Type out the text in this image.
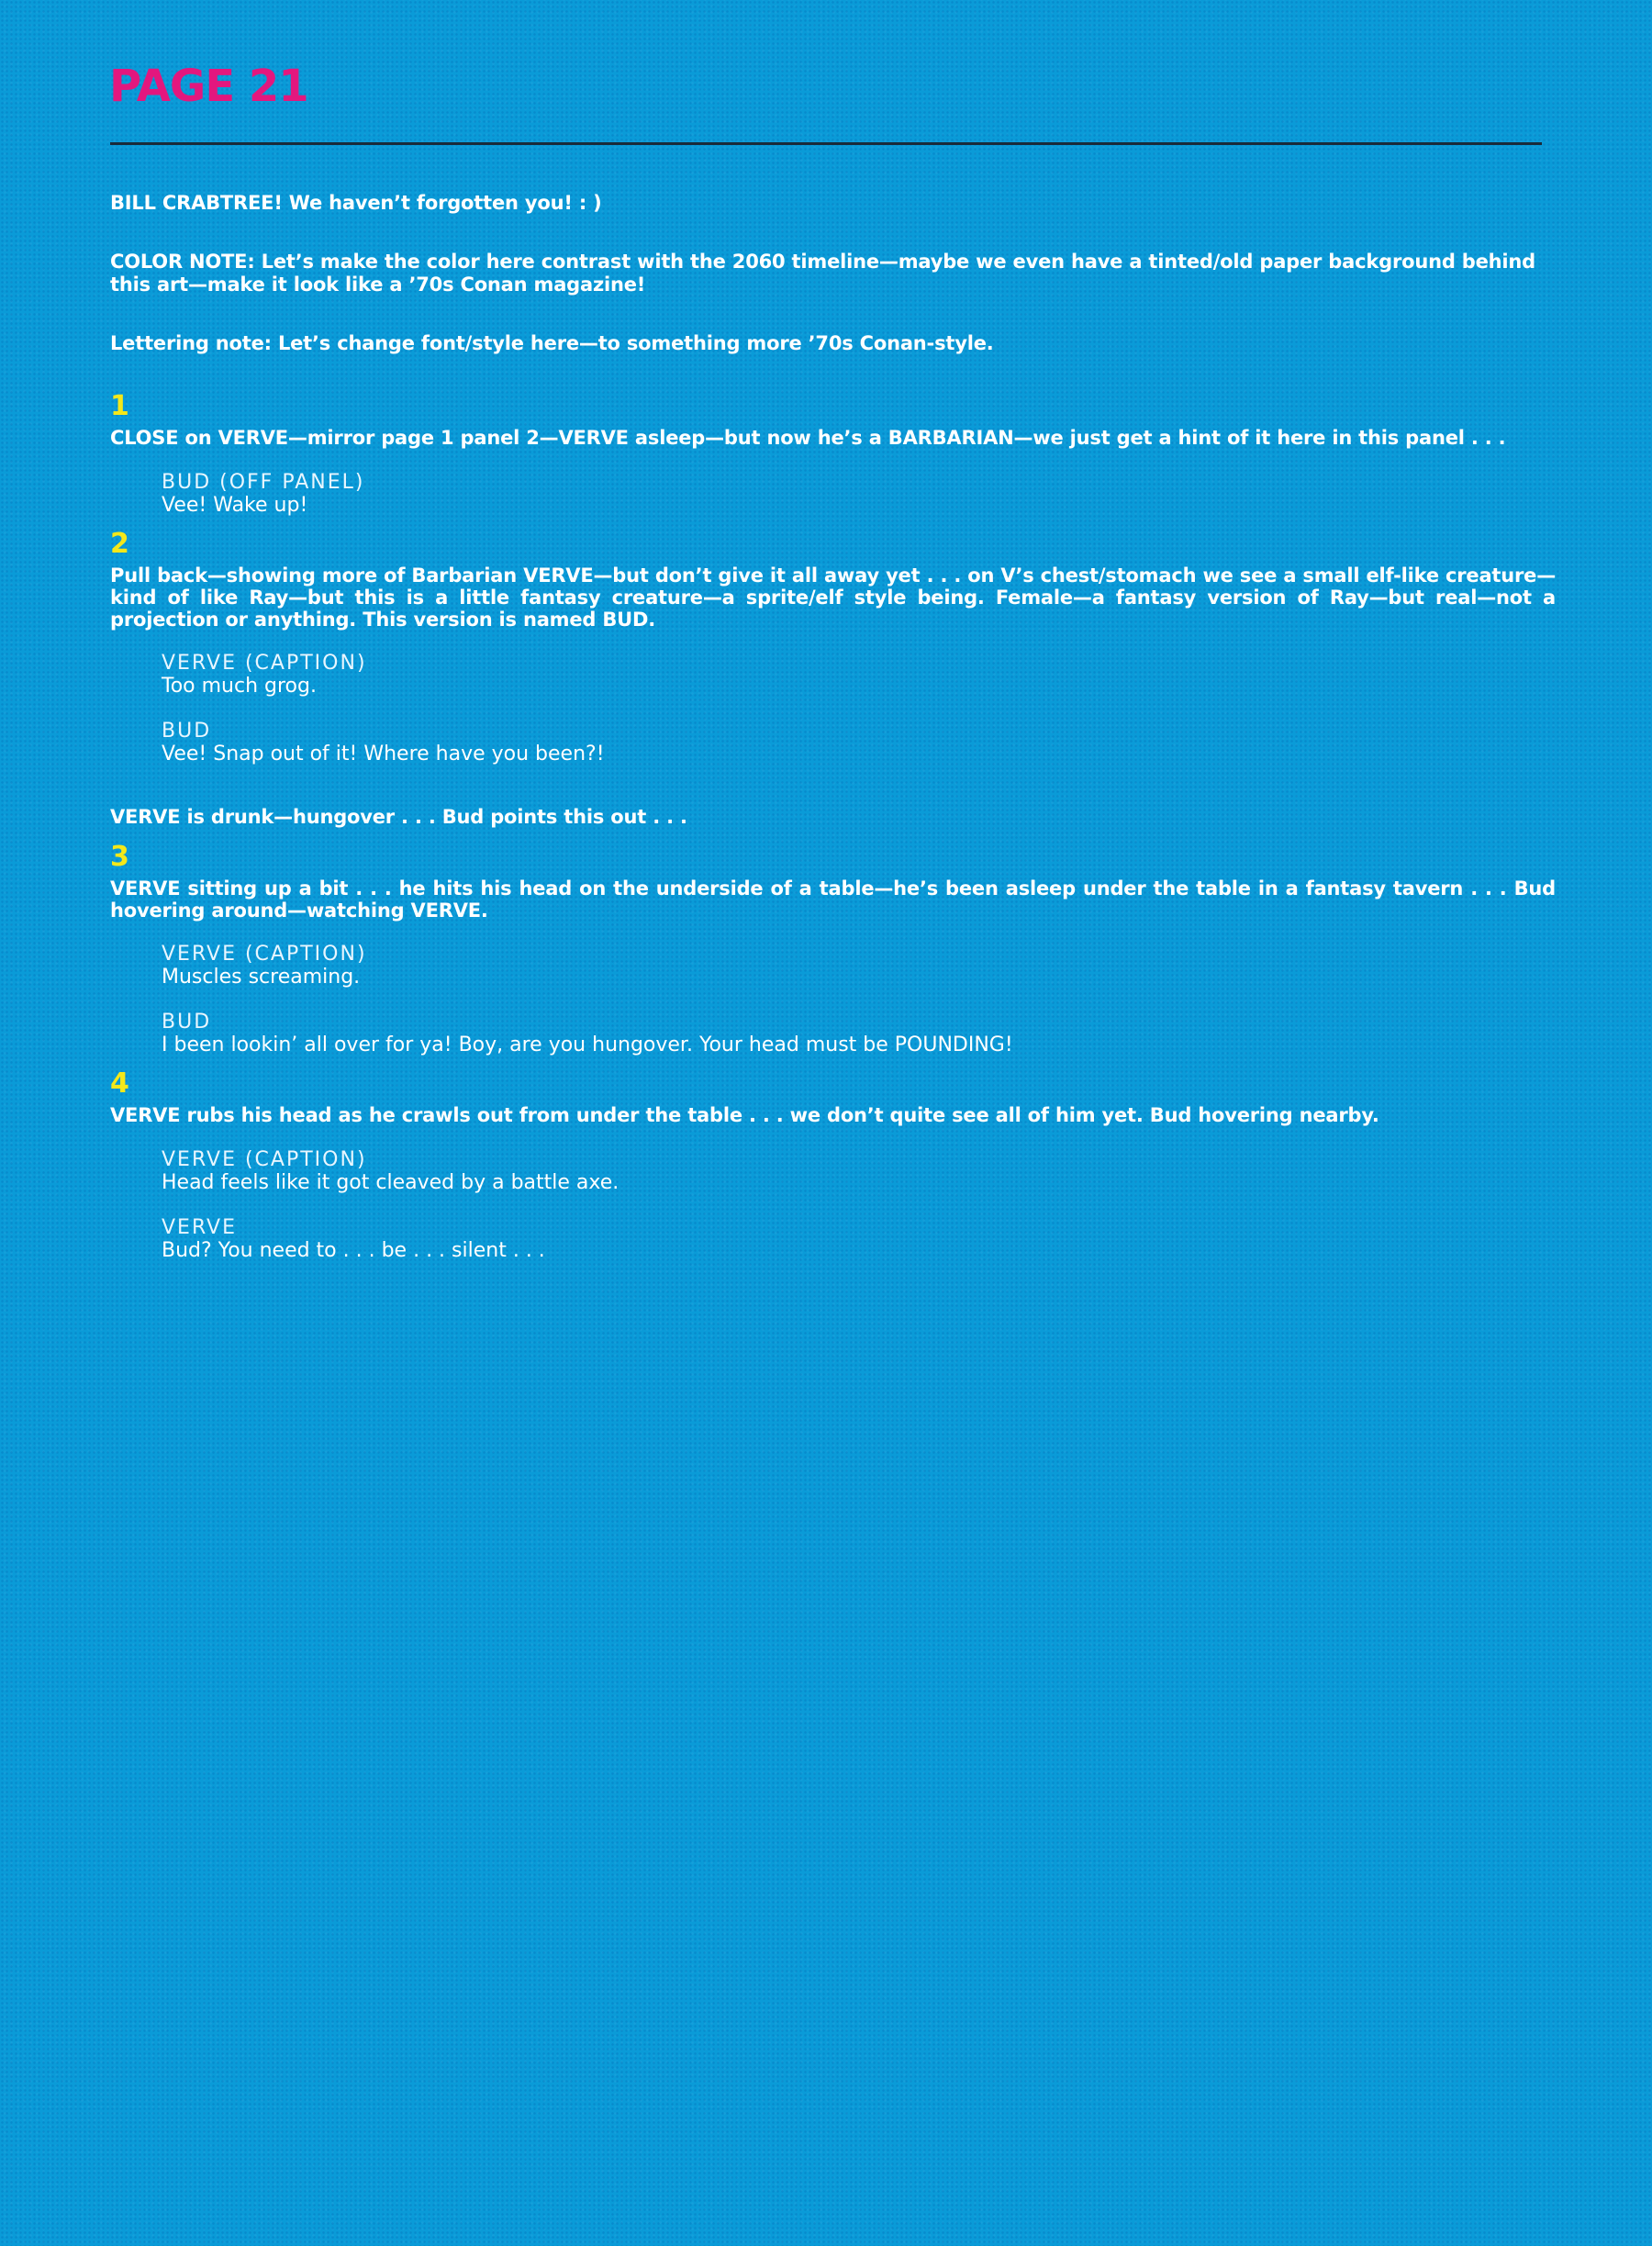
PAGE 21

BILL CRABTREE! We haven’t forgotten you! : )

COLOR NOTE: Let’s make the color here contrast with the 2060 timeline—maybe we even have a tinted/old paper background behind this art—make it look like a ’70s Conan magazine!

Lettering note: Let’s change font/style here—to something more ’70s Conan-style.

1

CLOSE on VERVE—mirror page 1 panel 2—VERVE asleep—but now he’s a BARBARIAN—we just get a hint of it here in this panel . . .

BUD (OFF PANEL)
Vee! Wake up!

2

Pull back—showing more of Barbarian VERVE—but don’t give it all away yet . . . on V’s chest/stomach we see a small elf-like creature—kind of like Ray—but this is a little fantasy creature—a sprite/elf style being. Female—a fantasy version of Ray—but real—not a projection or anything. This version is named BUD.

VERVE (CAPTION)
Too much grog.
BUD
Vee! Snap out of it! Where have you been?!

VERVE is drunk—hungover . . . Bud points this out . . .

3

VERVE sitting up a bit . . . he hits his head on the underside of a table—he’s been asleep under the table in a fantasy tavern . . . Bud hovering around—watching VERVE.

VERVE (CAPTION)
Muscles screaming.
BUD
I been lookin’ all over for ya! Boy, are you hungover. Your head must be POUNDING!

4

VERVE rubs his head as he crawls out from under the table . . . we don’t quite see all of him yet. Bud hovering nearby.

VERVE (CAPTION)
Head feels like it got cleaved by a battle axe.
VERVE
Bud? You need to . . . be . . . silent . . .
